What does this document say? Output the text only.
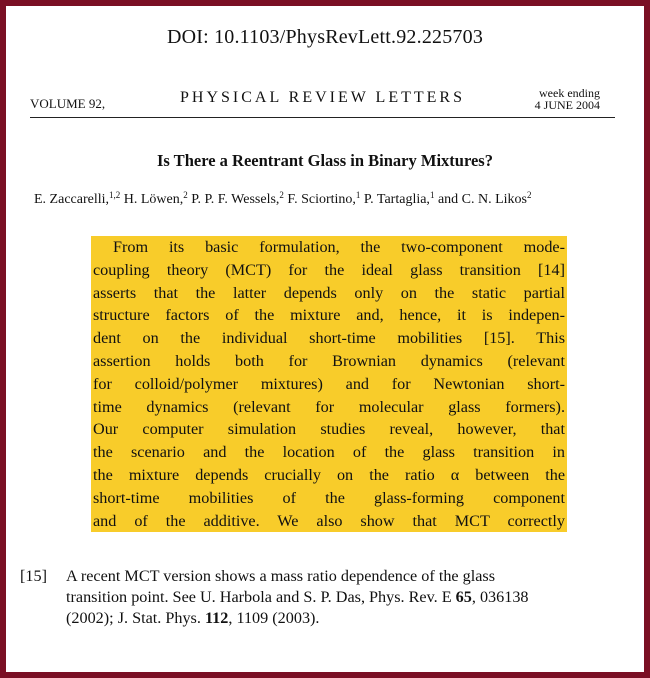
DOI: 10.1103/PhysRevLett.92.225703
VOLUME 92,	PHYSICAL REVIEW LETTERS	week ending
4 JUNE 2004
Is There a Reentrant Glass in Binary Mixtures?
E. Zaccarelli,$^{1,2}$ H. Löwen,$^2$ P. P. F. Wessels,$^2$ F. Sciortino,$^1$ P. Tartaglia,$^1$ and C. N. Likos$^2$
From its basic formulation, the two-component mode-
coupling theory (MCT) for the ideal glass transition [14]
asserts that the latter depends only on the static partial
structure factors of the mixture and, hence, it is indepen-
dent on the individual short-time mobilities [15]. This
assertion holds both for Brownian dynamics (relevant
for colloid/polymer mixtures) and for Newtonian short-
time dynamics (relevant for molecular glass formers).
Our computer simulation studies reveal, however, that
the scenario and the location of the glass transition in
the mixture depends crucially on the ratio α between the
short-time mobilities of the glass-forming component
and of the additive. We also show that MCT correctly
[15] A recent MCT version shows a mass ratio dependence of the glass transition point. See U. Harbola and S. P. Das, Phys. Rev. E 65, 036138 (2002); J. Stat. Phys. 112, 1109 (2003).
